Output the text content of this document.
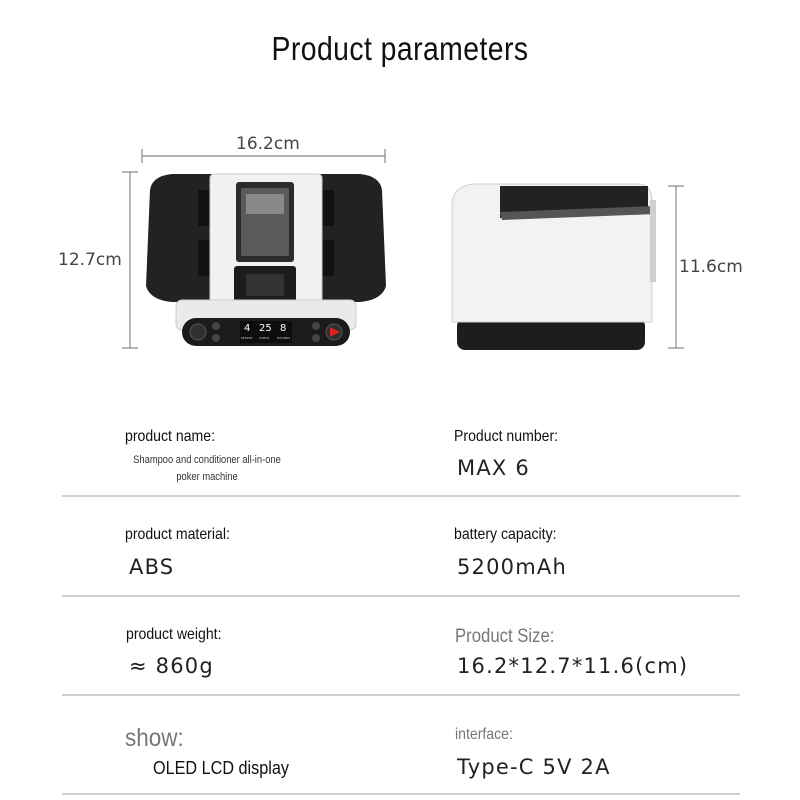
Product parameters
16.2cm
12.7cm	11.6cm
4 25 8
PEOPLE CARDS	ROUNDS
product name:
Shampoo and conditioner all-in-one poker machine
Product number:
MAX 6
product material:
ABS
battery capacity:
5200mAh
product weight:
≈ 860g
Product Size:
16.2*12.7*11.6(cm)
show:
OLED LCD display
interface:
Type-C 5V 2A
